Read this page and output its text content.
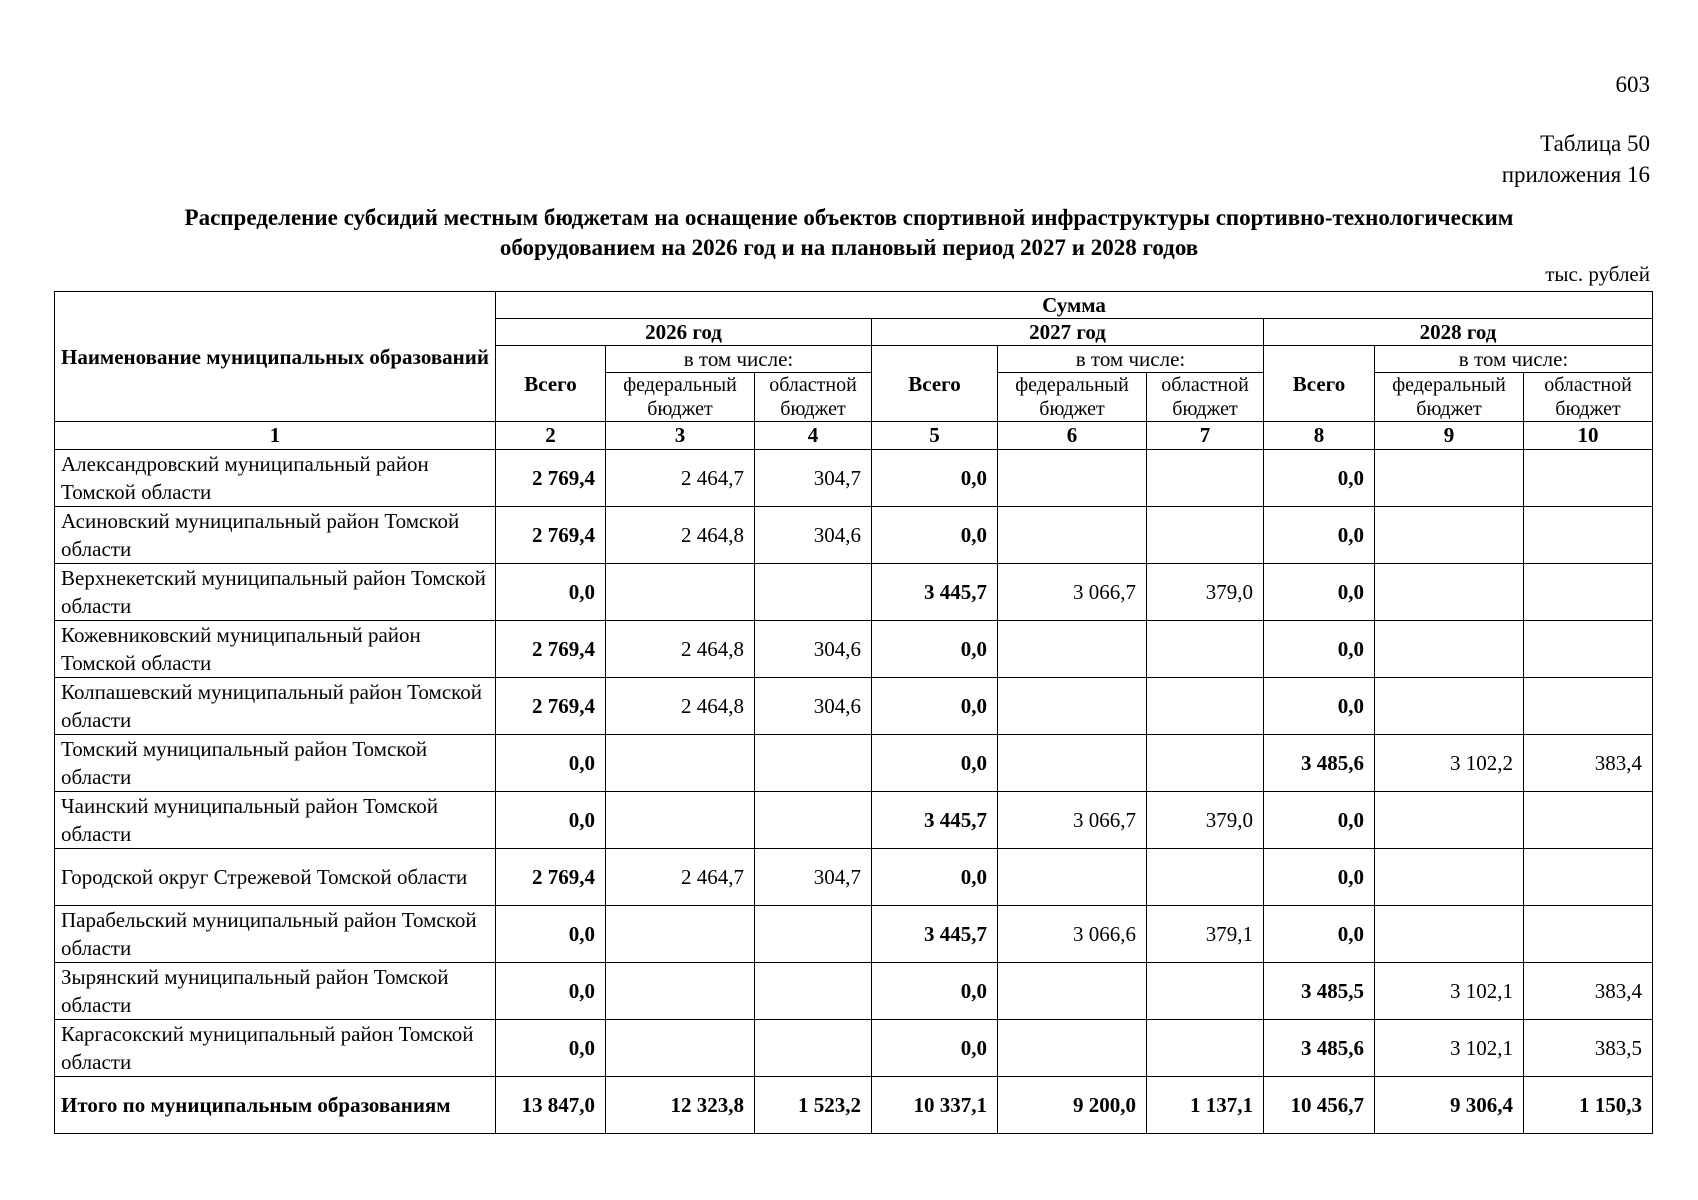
603
Таблица 50
приложения 16
Распределение субсидий местным бюджетам на оснащение объектов спортивной инфраструктуры спортивно-технологическим
оборудованием на 2026 год и на плановый период 2027 и 2028 годов
тыс. рублей
Наименование муниципальных образований	Сумма								
	2026 год			2027 год			2028 год		
	Всего	в том числе:		Всего	в том числе:		Всего	в том числе:	
		федеральный бюджет	областной бюджет		федеральный бюджет	областной бюджет		федеральный бюджет	областной бюджет
1	2	3	4	5	6	7	8	9	10
Александровский муниципальный район Томской области	2 769,4	2 464,7	304,7	0,0			0,0		
Асиновский муниципальный район Томской области	2 769,4	2 464,8	304,6	0,0			0,0		
Верхнекетский муниципальный район Томской области	0,0			3 445,7	3 066,7	379,0	0,0		
Кожевниковский муниципальный район Томской области	2 769,4	2 464,8	304,6	0,0			0,0		
Колпашевский муниципальный район Томской области	2 769,4	2 464,8	304,6	0,0			0,0		
Томский муниципальный район Томской области	0,0			0,0			3 485,6	3 102,2	383,4
Чаинский муниципальный район Томской области	0,0			3 445,7	3 066,7	379,0	0,0		
Городской округ Стрежевой Томской области	2 769,4	2 464,7	304,7	0,0			0,0		
Парабельский муниципальный район Томской области	0,0			3 445,7	3 066,6	379,1	0,0		
Зырянский муниципальный район Томской области	0,0			0,0			3 485,5	3 102,1	383,4
Каргасокский муниципальный район Томской области	0,0			0,0			3 485,6	3 102,1	383,5
Итого по муниципальным образованиям	13 847,0	12 323,8	1 523,2	10 337,1	9 200,0	1 137,1	10 456,7	9 306,4	1 150,3
